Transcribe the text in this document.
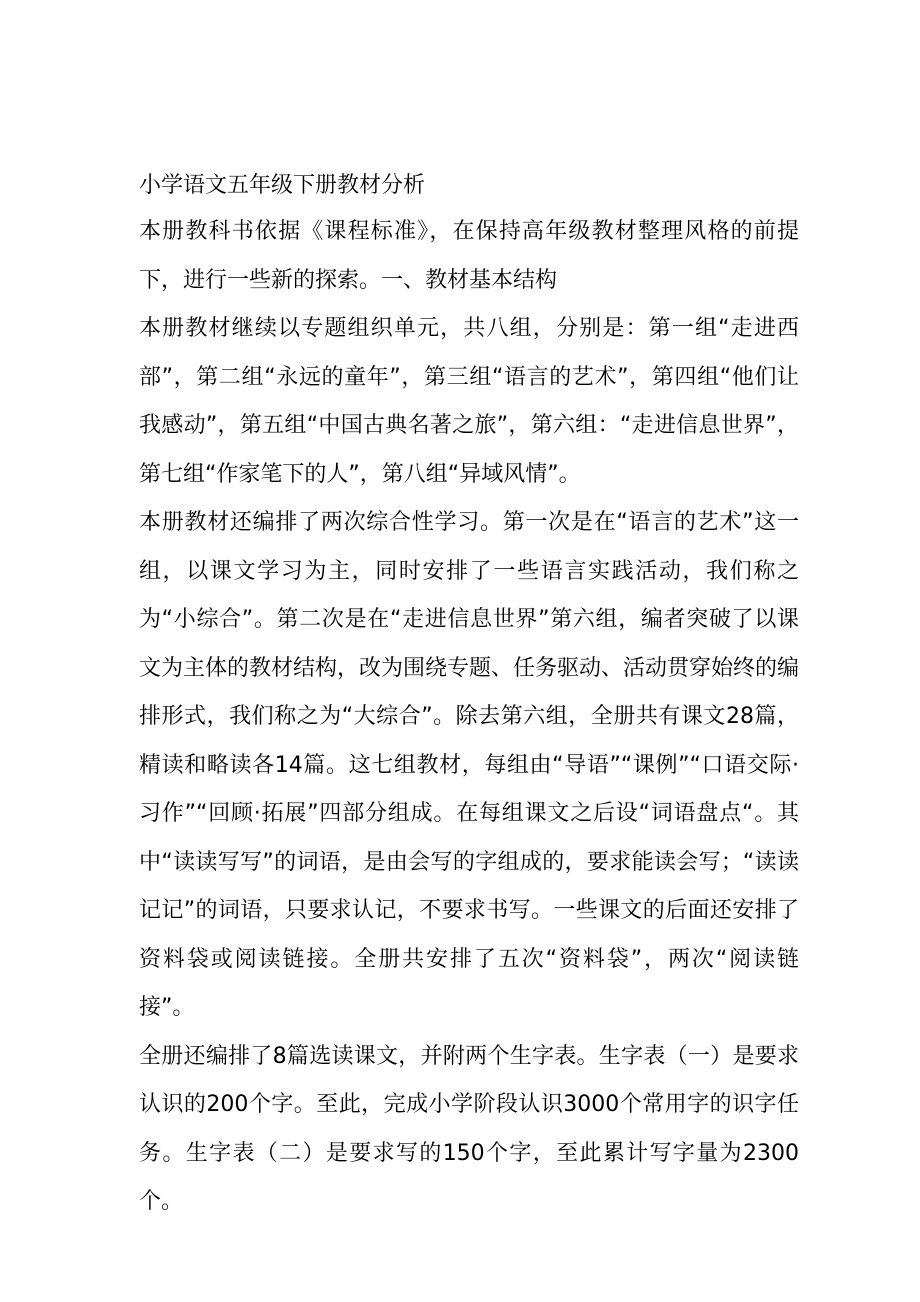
小学语文五年级下册教材分析

本册教科书依据《课程标准》，在保持高年级教材整理风格的前提下，进行一些新的探索。一、教材基本结构

本册教材继续以专题组织单元，共八组，分别是：第一组“走进西部”，第二组“永远的童年”，第三组“语言的艺术”，第四组“他们让我感动”，第五组“中国古典名著之旅”，第六组：“走进信息世界”，第七组“作家笔下的人”，第八组“异域风情”。

本册教材还编排了两次综合性学习。第一次是在“语言的艺术”这一组，以课文学习为主，同时安排了一些语言实践活动，我们称之为“小综合”。第二次是在“走进信息世界”第六组，编者突破了以课文为主体的教材结构，改为围绕专题、任务驱动、活动贯穿始终的编排形式，我们称之为“大综合”。除去第六组，全册共有课文28篇，精读和略读各14篇。这七组教材，每组由“导语”“课例”“口语交际·习作”“回顾·拓展”四部分组成。在每组课文之后设“词语盘点“。其中“读读写写”的词语，是由会写的字组成的，要求能读会写；“读读记记”的词语，只要求认记，不要求书写。一些课文的后面还安排了资料袋或阅读链接。全册共安排了五次“资料袋”，两次“阅读链接”。

全册还编排了8篇选读课文，并附两个生字表。生字表（一）是要求认识的200个字。至此，完成小学阶段认识3000个常用字的识字任务。生字表（二）是要求写的150个字，至此累计写字量为2300个。
